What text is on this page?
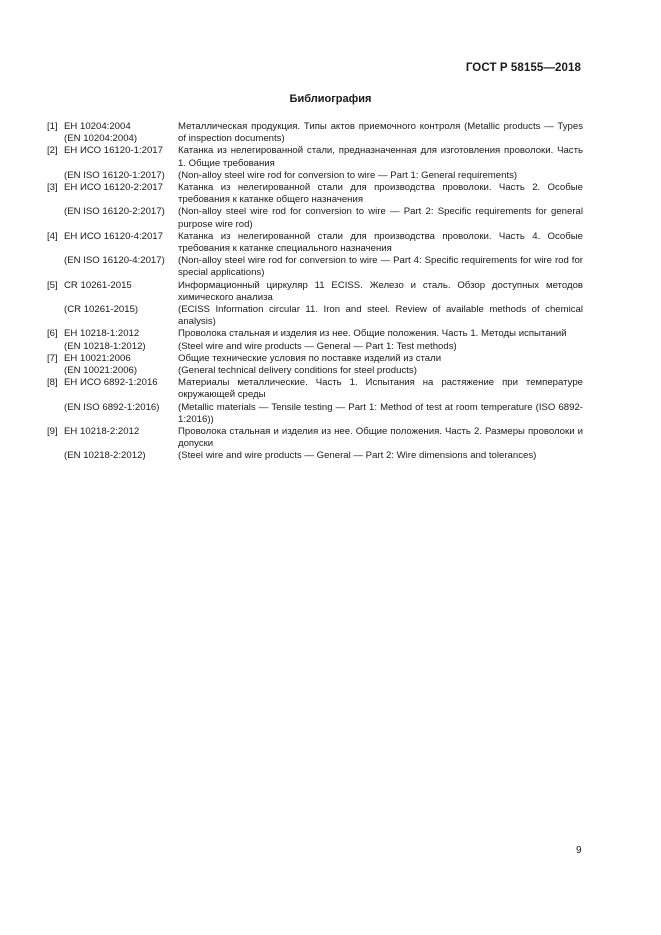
ГОСТ Р 58155—2018
Библиография
[1] ЕН 10204:2004
(EN 10204:2004)
Металлическая продукция. Типы актов приемочного контроля (Metallic products — Types of inspection documents)
[2] ЕН ИСО 16120-1:2017

(EN ISO 16120-1:2017)
Катанка из нелегированной стали, предназначенная для изготовления проволоки. Часть 1. Общие требования
(Non-alloy steel wire rod for conversion to wire — Part 1: General requirements)
[3] ЕН ИСО 16120-2:2017

(EN ISO 16120-2:2017)
Катанка из нелегированной стали для производства проволоки. Часть 2. Особые требования к катанке общего назначения
(Non-alloy steel wire rod for conversion to wire — Part 2: Specific requirements for general purpose wire rod)
[4] ЕН ИСО 16120-4:2017

(EN ISO 16120-4:2017)
Катанка из нелегированной стали для производства проволоки. Часть 4. Особые требования к катанке специального назначения
(Non-alloy steel wire rod for conversion to wire — Part 4: Specific requirements for wire rod for special applications)
[5] CR 10261-2015

(CR 10261-2015)
Информационный циркуляр 11 ECISS. Железо и сталь. Обзор доступных методов химического анализа
(ECISS Information circular 11. Iron and steel. Review of available methods of chemical analysis)
[6] ЕН 10218-1:2012
(EN 10218-1:2012)
Проволока стальная и изделия из нее. Общие положения. Часть 1. Методы испытаний
(Steel wire and wire products — General — Part 1: Test methods)
[7] ЕН 10021:2006
(EN 10021:2006)
Общие технические условия по поставке изделий из стали
(General technical delivery conditions for steel products)
[8] ЕН ИСО 6892-1:2016

(EN ISO 6892-1:2016)
Материалы металлические. Часть 1. Испытания на растяжение при температуре окружающей среды
(Metallic materials — Tensile testing — Part 1: Method of test at room temperature (ISO 6892-1:2016))
[9] ЕН 10218-2:2012

(EN 10218-2:2012)
Проволока стальная и изделия из нее. Общие положения. Часть 2. Размеры проволоки и допуски
(Steel wire and wire products — General — Part 2: Wire dimensions and tolerances)
9
